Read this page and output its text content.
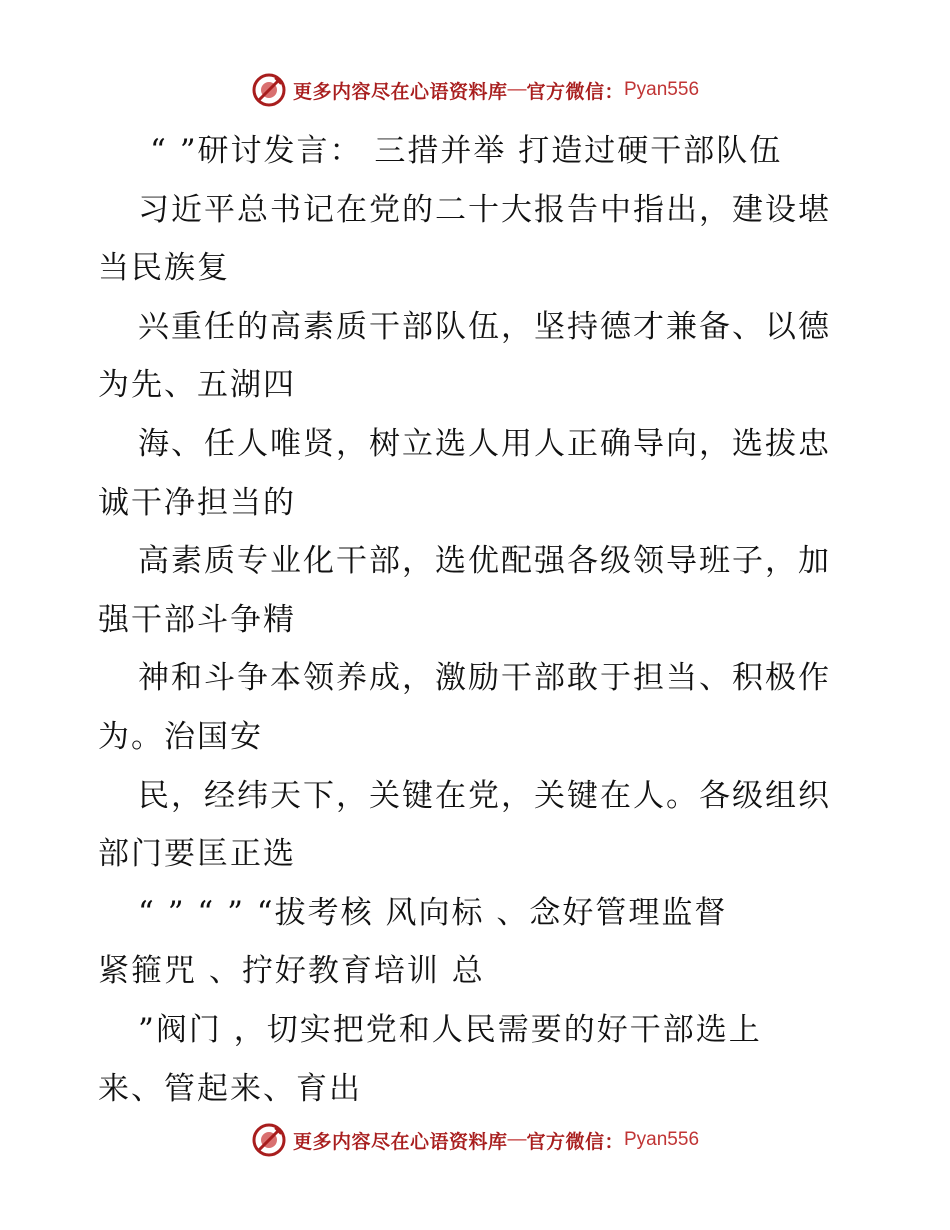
更多内容尽在心语资料库 — 官方微信： Pyan556

“ ”研讨发言： 三措并举 打造过硬干部队伍

习近平总书记在党的二十大报告中指出，建设堪

当民族复

兴重任的高素质干部队伍，坚持德才兼备、以德

为先、五湖四

海、任人唯贤，树立选人用人正确导向，选拔忠

诚干净担当的

高素质专业化干部，选优配强各级领导班子，加

强干部斗争精

神和斗争本领养成，激励干部敢于担当、积极作

为。治国安

民，经纬天下，关键在党，关键在人。各级组织

部门要匡正选

“ ” “ ” “拔考核 风向标 、念好管理监督

紧箍咒 、拧好教育培训 总

”阀门 ，切实把党和人民需要的好干部选上

来、管起来、育出

更多内容尽在心语资料库 — 官方微信： Pyan556
